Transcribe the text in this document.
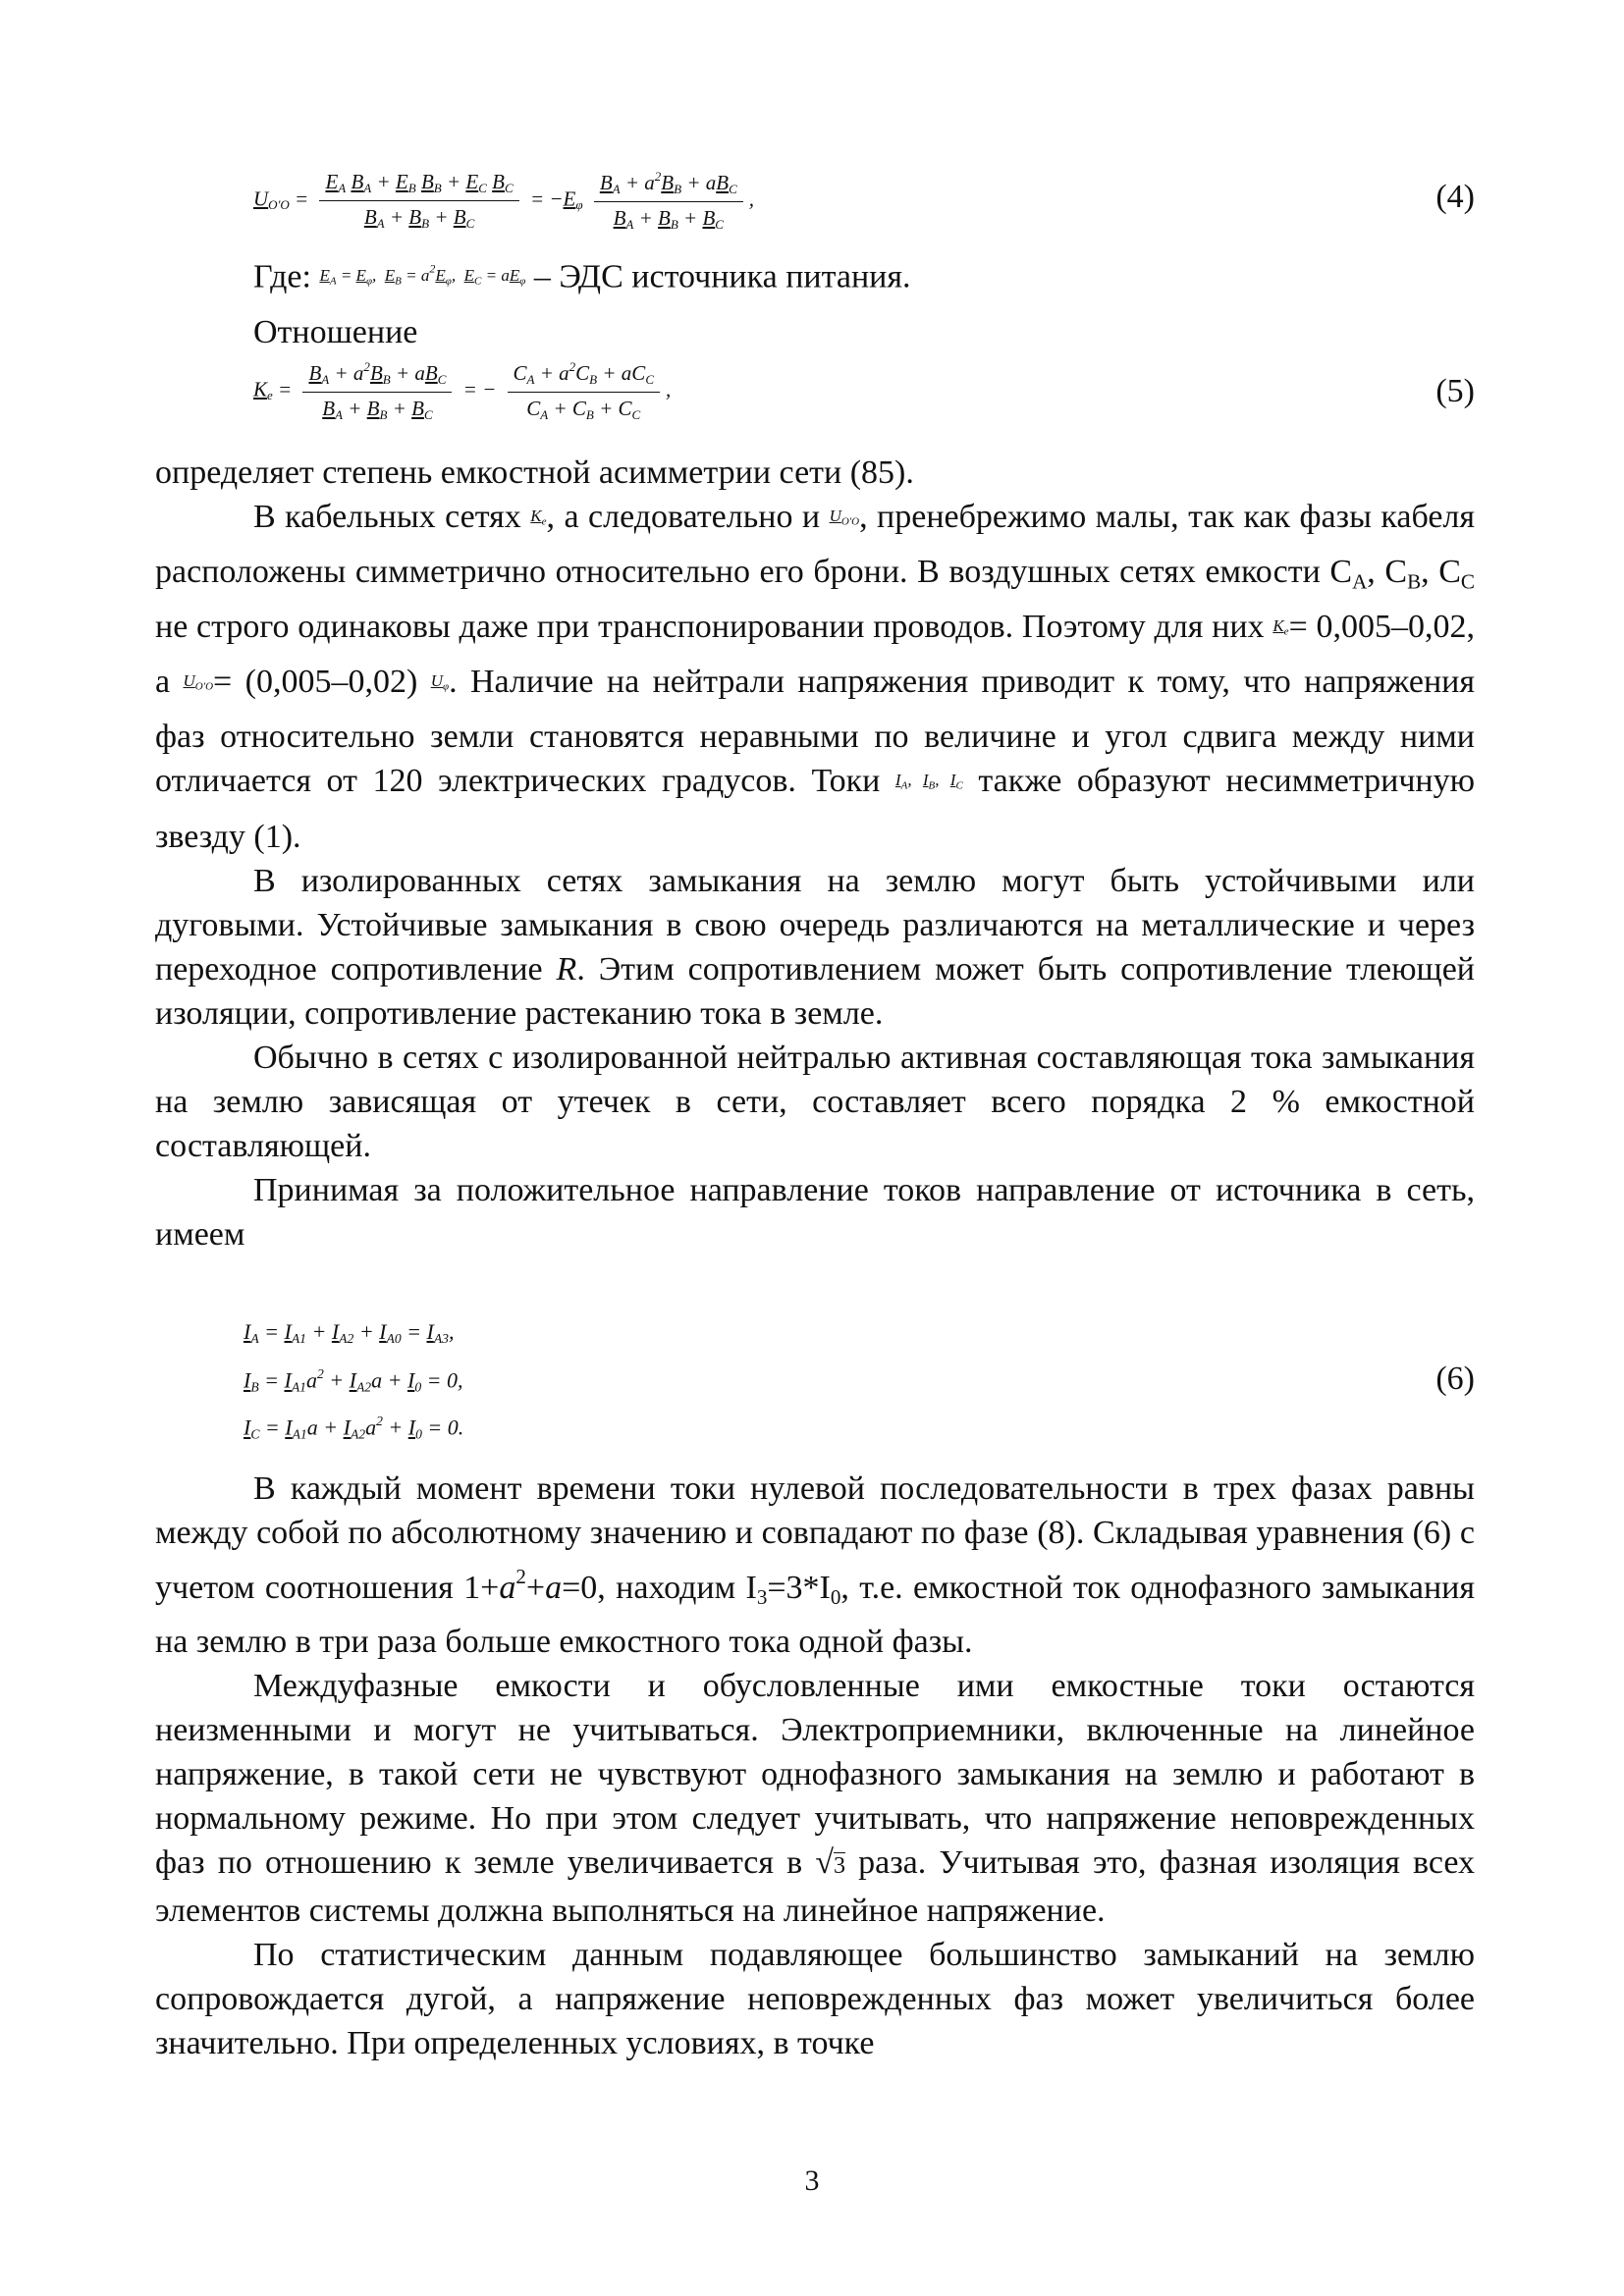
$U_{O'O} = \frac{E_A B_A + E_B B_B + E_C B_C}{B_A + B_B + B_C} = -E_\varphi \frac{B_A + a^2B_B + aB_C}{B_A + B_B + B_C}$ ,	(4)
Где: $E_A = E_\varphi$,  $E_B = a^2E_\varphi$,  $E_C = aE_\varphi$ – ЭДС источника питания.
Отношение
$K_e = \frac{B_A + a^2B_B + aB_C}{B_A + B_B + B_C}$ = − $\frac{C_A + a^2C_B + aC_C}{C_A + C_B + C_C}$ ,	(5)

определяет степень емкостной асимметрии сети (85).

В кабельных сетях $K_e$, а следовательно и $U_{O'O}$, пренебрежимо малы, так как фазы кабеля расположены симметрично относительно его брони. В воздушных сетях емкости $C_A$, $C_B$, $C_C$ не строго одинаковы даже при транспонировании проводов. Поэтому для них $K_e= 0,005-0,02$, а $U_{O'O}= (0,005-0,02)$ $U_\varphi$. Наличие на нейтрали напряжения приводит к тому, что напряжения фаз относительно земли становятся неравными по величине и угол сдвига между ними отличается от 120 электрических градусов. Токи $I_A$, $I_B$, $I_C$ также образуют несимметричную звезду (1).

В изолированных сетях замыкания на землю могут быть устойчивыми или дуговыми. Устойчивые замыкания в свою очередь различаются на металлические и через переходное сопротивление R. Этим сопротивлением может быть сопротивление тлеющей изоляции, сопротивление растеканию тока в земле.

Обычно в сетях с изолированной нейтралью активная составляющая тока замыкания на землю зависящая от утечек в сети, составляет всего порядка 2 % емкостной составляющей.

Принимая за положительное направление токов направление от источника в сеть, имеем

$I_A = I_{A1} + I_{A2} + I_{A0} = I_{A3}$,
$I_B = I_{A1}a^2 + I_{A2}a + I_0 = 0$,
$I_C = I_{A1}a + I_{A2}a^2 + I_0 = 0$.
(6)

В каждый момент времени токи нулевой последовательности в трех фазах равны между собой по абсолютному значению и совпадают по фазе (8). Складывая уравнения (6) с учетом соотношения $1+a^2+a=0$, находим $I_3=3*I_0$, т.е. емкостной ток однофазного замыкания на землю в три раза больше емкостного тока одной фазы.

Междуфазные емкости и обусловленные ими емкостные токи остаются неизменными и могут не учитываться. Электроприемники, включенные на линейное напряжение, в такой сети не чувствуют однофазного замыкания на землю и работают в нормальному режиме. Но при этом следует учитывать, что напряжение неповрежденных фаз по отношению к земле увеличивается в √3 раза. Учитывая это, фазная изоляция всех элементов системы должна выполняться на линейное напряжение.

По статистическим данным подавляющее большинство замыканий на землю сопровождается дугой, а напряжение неповрежденных фаз может увеличиться более значительно. При определенных условиях, в точке

3
